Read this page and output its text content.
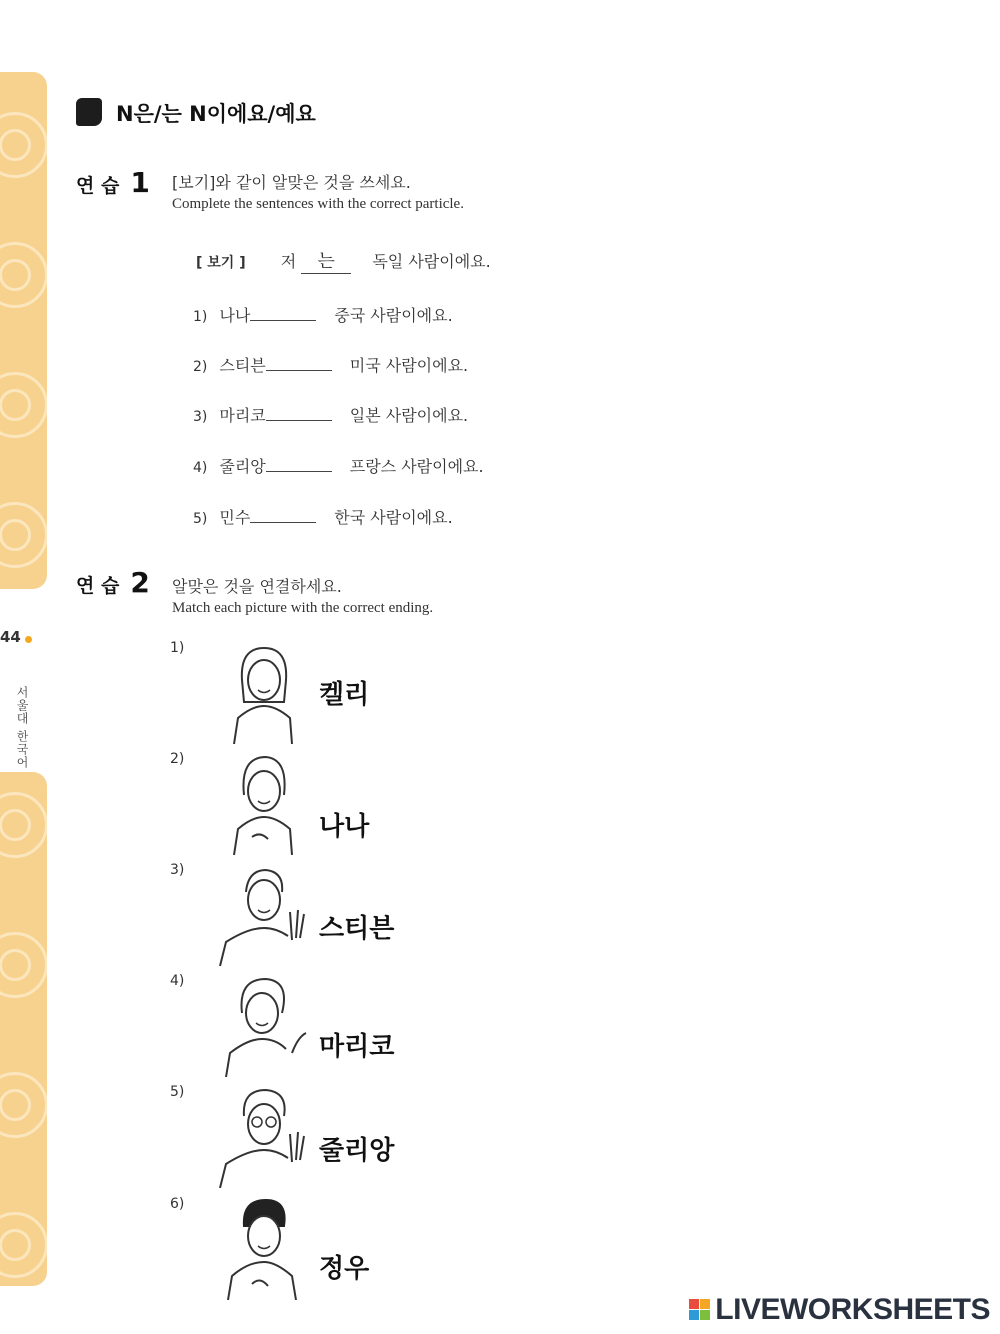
44
서울대 한국어
N은/는 N이에요/예요
연 습 1 [보기]와 같이 알맞은 것을 쓰세요.
Complete the sentences with the correct particle.
[ 보기 ] 저 는 독일 사람이에요.
1) 나나	중국 사람이에요.
2) 스티븐	미국 사람이에요.
3) 마리코	일본 사람이에요.
4) 줄리앙	프랑스 사람이에요.
5) 민수	한국 사람이에요.
연 습 2 알맞은 것을 연결하세요.
Match each picture with the correct ending.
1)
켈리
2)
나나
3)
스티븐
4)
마리코
5)
줄리앙
6)
정우
LIVEWORKSHEETS
